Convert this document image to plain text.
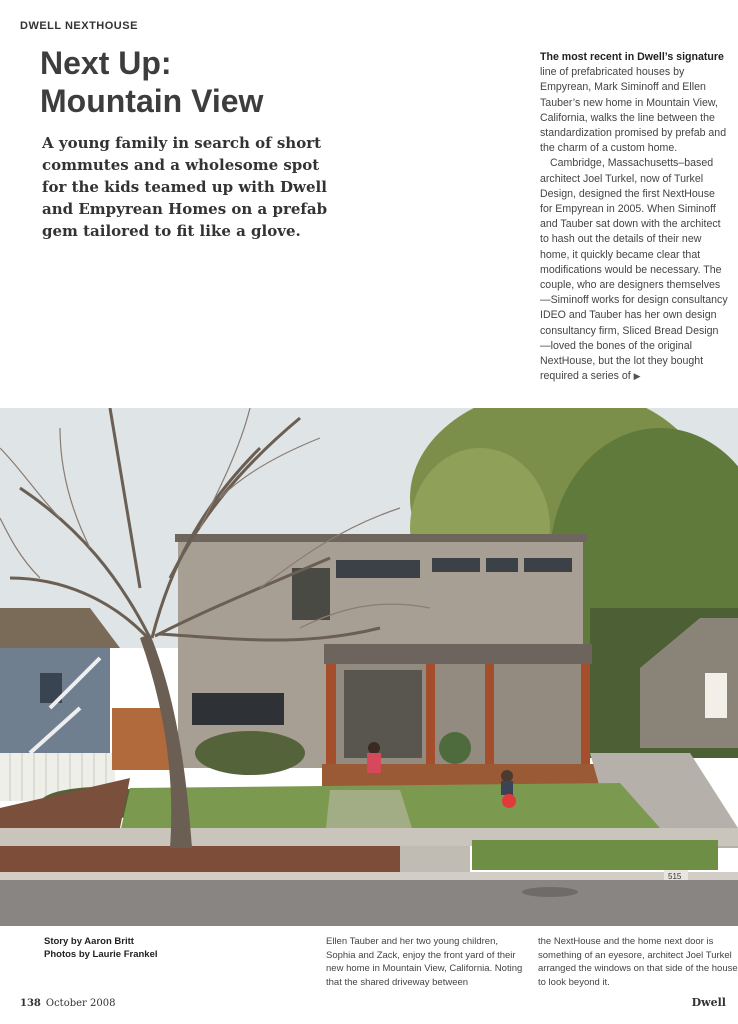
DWELL NEXTHOUSE
Next Up:
Mountain View
A young family in search of short commutes and a wholesome spot for the kids teamed up with Dwell and Empyrean Homes on a prefab gem tailored to fit like a glove.

The most recent in Dwell’s signature line of prefabricated houses by Empyrean, Mark Siminoff and Ellen Tauber’s new home in Mountain View, California, walks the line between the standardization promised by prefab and the charm of a custom home.

Cambridge, Massachusetts–based architect Joel Turkel, now of Turkel Design, designed the first NextHouse for Empyrean in 2005. When Siminoff and Tauber sat down with the architect to hash out the details of their new home, it quickly became clear that modifications would be necessary. The couple, who are designers themselves—Siminoff works for design consultancy IDEO and Tauber has her own design consultancy firm, Sliced Bread Design—loved the bones of the original NextHouse, but the lot they bought required a series of ▶

515
Story by Aaron Britt
Photos by Laurie Frankel
Ellen Tauber and her two young children, Sophia and Zack, enjoy the front yard of their new home in Mountain View, California. Noting that the shared driveway between
the NextHouse and the home next door is something of an eyesore, architect Joel Turkel arranged the windows on that side of the house to look beyond it.
138 October 2008	Dwell
